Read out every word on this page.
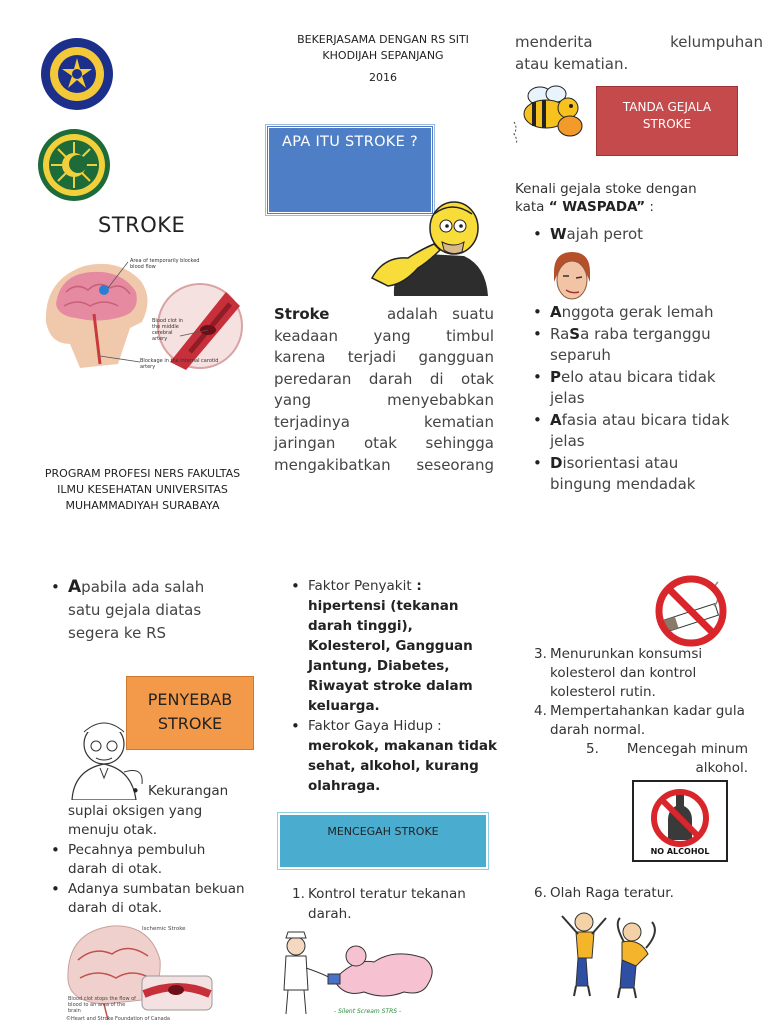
STROKE
Area of temporarily blocked blood flow
Blood clot in the middle cerebral artery
Blockage in the internal carotid artery
PROGRAM PROFESI NERS FAKULTAS
ILMU KESEHATAN UNIVERSITAS
MUHAMMADIYAH SURABAYA
BEKERJASAMA DENGAN RS SITI
KHODIJAH SEPANJANG
2016
APA ITU STROKE ?
Stroke	adalah suatu
keadaan yang timbul
karena terjadi gangguan
peredaran darah di otak
yang menyebabkan
terjadinya kematian
jaringan otak sehingga
mengakibatkan seseorang
menderita kelumpuhan
atau kematian.
TANDA GEJALA
STROKE
Kenali gejala stoke dengan
kata “ WASPADA” :
• Wajah perot
• Anggota gerak lemah
• RaSa raba terganggu separuh
• Pelo atau bicara tidak jelas
• Afasia atau bicara tidak jelas
• Disorientasi atau bingung mendadak
• Apabila ada salah satu gejala diatas segera ke RS
PENYEBAB
STROKE
• Kekurangan suplai oksigen yang menuju otak.
• Pecahnya pembuluh darah di otak.
• Adanya sumbatan bekuan darah di otak.
Ischemic Stroke
Blood clot stops the flow of blood to an area of the brain
©Heart and Stroke Foundation of Canada
• Faktor Penyakit :
hipertensi (tekanan darah tinggi), Kolesterol, Gangguan Jantung, Diabetes, Riwayat stroke dalam keluarga.
• Faktor Gaya Hidup :
merokok, makanan tidak sehat, alkohol, kurang olahraga.
MENCEGAH STROKE
1. Kontrol teratur tekanan darah.
- Silent Scream STRS -
3. Menurunkan konsumsi kolesterol dan kontrol kolesterol rutin.
4. Mempertahankan kadar gula darah normal.
5. Mencegah minum alkohol.
NO ALCOHOL
6. Olah Raga teratur.
